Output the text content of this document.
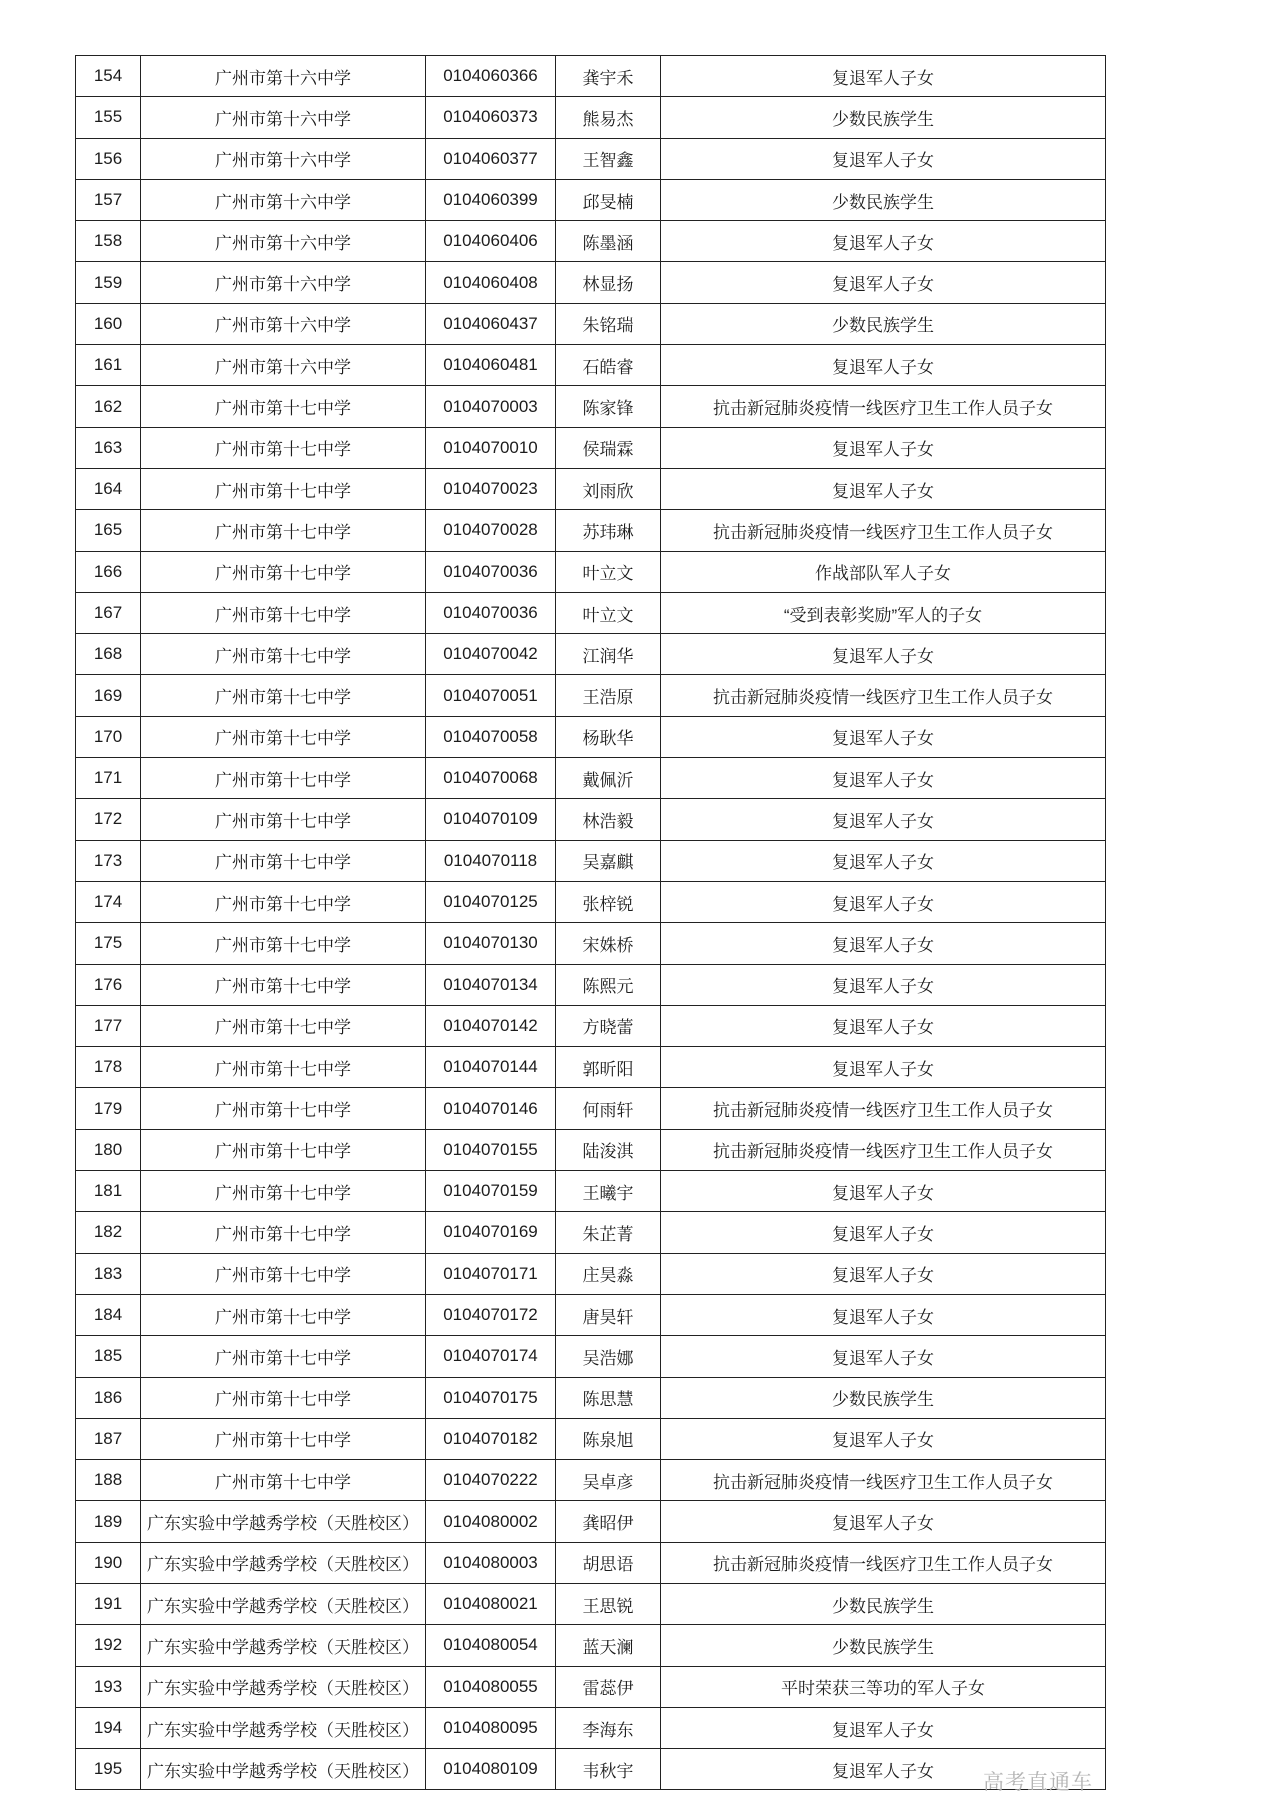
154	广州市第十六中学	0104060366	龚宇禾	复退军人子女
155	广州市第十六中学	0104060373	熊易杰	少数民族学生
156	广州市第十六中学	0104060377	王智鑫	复退军人子女
157	广州市第十六中学	0104060399	邱旻楠	少数民族学生
158	广州市第十六中学	0104060406	陈墨涵	复退军人子女
159	广州市第十六中学	0104060408	林显扬	复退军人子女
160	广州市第十六中学	0104060437	朱铭瑞	少数民族学生
161	广州市第十六中学	0104060481	石皓睿	复退军人子女
162	广州市第十七中学	0104070003	陈家锋	抗击新冠肺炎疫情一线医疗卫生工作人员子女
163	广州市第十七中学	0104070010	侯瑞霖	复退军人子女
164	广州市第十七中学	0104070023	刘雨欣	复退军人子女
165	广州市第十七中学	0104070028	苏玮琳	抗击新冠肺炎疫情一线医疗卫生工作人员子女
166	广州市第十七中学	0104070036	叶立文	作战部队军人子女
167	广州市第十七中学	0104070036	叶立文	“受到表彰奖励”军人的子女
168	广州市第十七中学	0104070042	江润华	复退军人子女
169	广州市第十七中学	0104070051	王浩原	抗击新冠肺炎疫情一线医疗卫生工作人员子女
170	广州市第十七中学	0104070058	杨耿华	复退军人子女
171	广州市第十七中学	0104070068	戴佩沂	复退军人子女
172	广州市第十七中学	0104070109	林浩毅	复退军人子女
173	广州市第十七中学	0104070118	吴嘉麒	复退军人子女
174	广州市第十七中学	0104070125	张梓锐	复退军人子女
175	广州市第十七中学	0104070130	宋姝桥	复退军人子女
176	广州市第十七中学	0104070134	陈熙元	复退军人子女
177	广州市第十七中学	0104070142	方晓蕾	复退军人子女
178	广州市第十七中学	0104070144	郭昕阳	复退军人子女
179	广州市第十七中学	0104070146	何雨轩	抗击新冠肺炎疫情一线医疗卫生工作人员子女
180	广州市第十七中学	0104070155	陆浚淇	抗击新冠肺炎疫情一线医疗卫生工作人员子女
181	广州市第十七中学	0104070159	王曦宇	复退军人子女
182	广州市第十七中学	0104070169	朱芷菁	复退军人子女
183	广州市第十七中学	0104070171	庄昊淼	复退军人子女
184	广州市第十七中学	0104070172	唐昊轩	复退军人子女
185	广州市第十七中学	0104070174	吴浩娜	复退军人子女
186	广州市第十七中学	0104070175	陈思慧	少数民族学生
187	广州市第十七中学	0104070182	陈泉旭	复退军人子女
188	广州市第十七中学	0104070222	吴卓彦	抗击新冠肺炎疫情一线医疗卫生工作人员子女
189	广东实验中学越秀学校（天胜校区）	0104080002	龚昭伊	复退军人子女
190	广东实验中学越秀学校（天胜校区）	0104080003	胡思语	抗击新冠肺炎疫情一线医疗卫生工作人员子女
191	广东实验中学越秀学校（天胜校区）	0104080021	王思锐	少数民族学生
192	广东实验中学越秀学校（天胜校区）	0104080054	蓝天澜	少数民族学生
193	广东实验中学越秀学校（天胜校区）	0104080055	雷蕊伊	平时荣获三等功的军人子女
194	广东实验中学越秀学校（天胜校区）	0104080095	李海东	复退军人子女
195	广东实验中学越秀学校（天胜校区）	0104080109	韦秋宇	复退军人子女 高考直通车
